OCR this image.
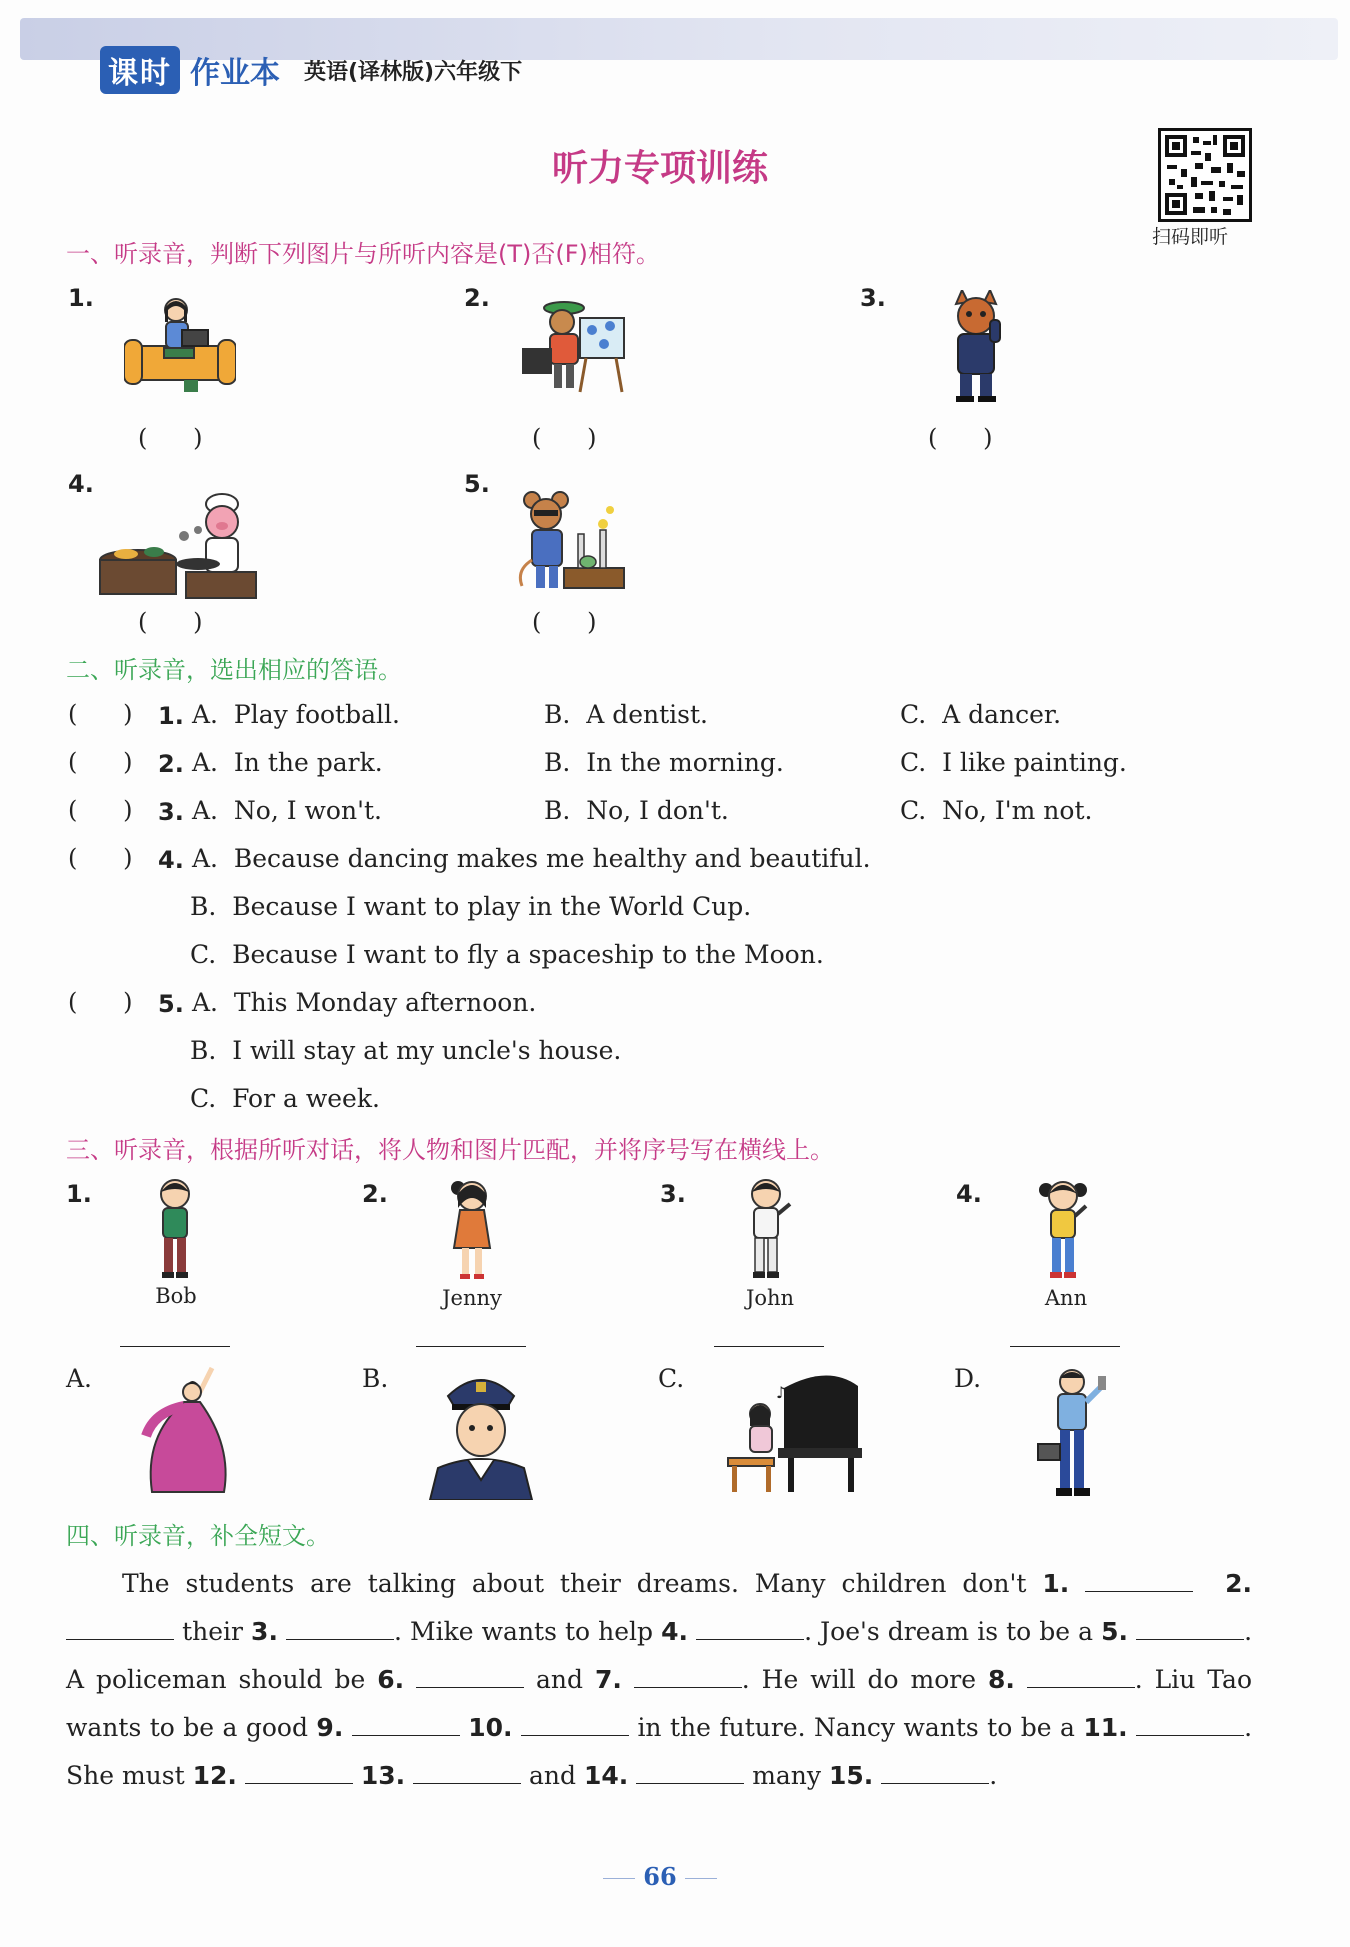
课时 作业本 英语(译林版)六年级下
听力专项训练
扫码即听
一、听录音，判断下列图片与所听内容是(T)否(F)相符。
1.	2.	3.
4.	5.
(      )	(      )	(      )
(      )	(      )
二、听录音，选出相应的答语。
(      ) 1. A.  Play football.	B.  A dentist.	C.  A dancer.
(      ) 2. A.  In the park.	B.  In the morning.	C.  I like painting.
(      ) 3. A.  No, I won't.	B.  No, I don't.	C.  No, I'm not.
(      ) 4. A.  Because dancing makes me healthy and beautiful.
B.  Because I want to play in the World Cup.
C.  Because I want to fly a spaceship to the Moon.
(      ) 5. A.  This Monday afternoon.
B.  I will stay at my uncle's house.
C.  For a week.
三、听录音，根据所听对话，将人物和图片匹配，并将序号写在横线上。
1.	2.	3.	4.
Bob	Jenny	John	Ann
A.	B.	C.	D.
♪
四、听录音，补全短文。
The students are talking about their dreams. Many children don't 1.	2.  their 3.	. Mike wants to help 4.	. Joe's dream is to be a 5.	. A policeman should be 6.	and 7.	. He will do more 8.	. Liu Tao wants to be a good 9.	10.	in the future. Nancy wants to be a 11.	. She must 12.	13.	and 14.	many 15.	.
66
